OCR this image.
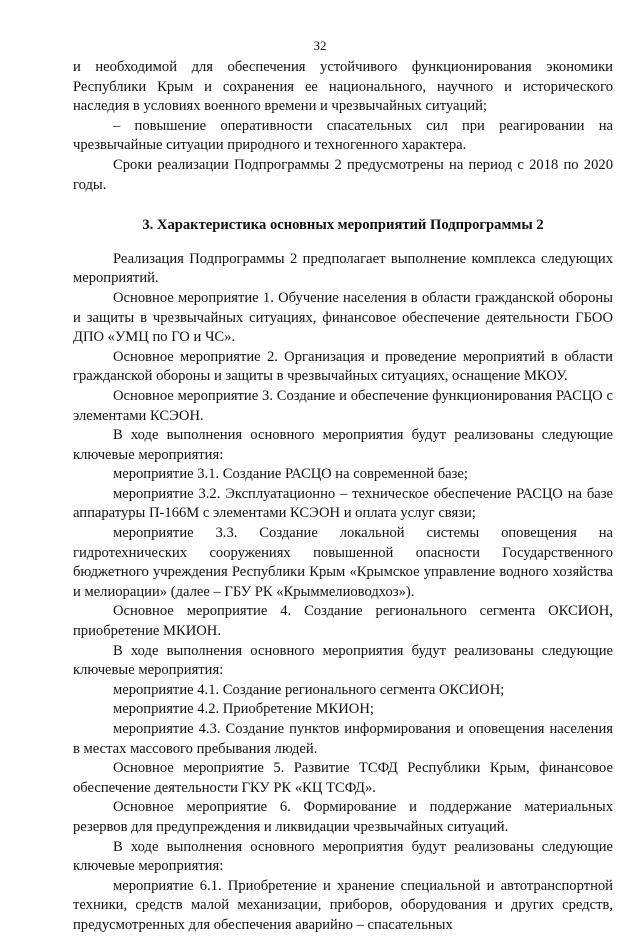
32

и необходимой для обеспечения устойчивого функционирования экономики Республики Крым и сохранения ее национального, научного и исторического наследия в условиях военного времени и чрезвычайных ситуаций;

– повышение оперативности спасательных сил при реагировании на чрезвычайные ситуации природного и техногенного характера.

Сроки реализации Подпрограммы 2 предусмотрены на период с 2018 по 2020 годы.

3. Характеристика основных мероприятий Подпрограммы 2

Реализация Подпрограммы 2 предполагает выполнение комплекса следующих мероприятий.

Основное мероприятие 1. Обучение населения в области гражданской обороны и защиты в чрезвычайных ситуациях, финансовое обеспечение деятельности ГБОО ДПО «УМЦ по ГО и ЧС».

Основное мероприятие 2. Организация и проведение мероприятий в области гражданской обороны и защиты в чрезвычайных ситуациях, оснащение МКОУ.

Основное мероприятие 3. Создание и обеспечение функционирования РАСЦО с элементами КСЭОН.

В ходе выполнения основного мероприятия будут реализованы следующие ключевые мероприятия:

мероприятие 3.1. Создание РАСЦО на современной базе;

мероприятие 3.2. Эксплуатационно – техническое обеспечение РАСЦО на базе аппаратуры П-166М с элементами КСЭОН и оплата услуг связи;

мероприятие 3.3. Создание локальной системы оповещения на гидротехнических сооружениях повышенной опасности Государственного бюджетного учреждения Республики Крым «Крымское управление водного хозяйства и мелиорации» (далее – ГБУ РК «Крыммелиоводхоз»).

Основное мероприятие 4. Создание регионального сегмента ОКСИОН, приобретение МКИОН.

В ходе выполнения основного мероприятия будут реализованы следующие ключевые мероприятия:

мероприятие 4.1. Создание регионального сегмента ОКСИОН;

мероприятие 4.2. Приобретение МКИОН;

мероприятие 4.3. Создание пунктов информирования и оповещения населения в местах массового пребывания людей.

Основное мероприятие 5. Развитие ТСФД Республики Крым, финансовое обеспечение деятельности ГКУ РК «КЦ ТСФД».

Основное мероприятие 6. Формирование и поддержание материальных резервов для предупреждения и ликвидации чрезвычайных ситуаций.

В ходе выполнения основного мероприятия будут реализованы следующие ключевые мероприятия:

мероприятие 6.1. Приобретение и хранение специальной и автотранспортной техники, средств малой механизации, приборов, оборудования и других средств, предусмотренных для обеспечения аварийно – спасательных
